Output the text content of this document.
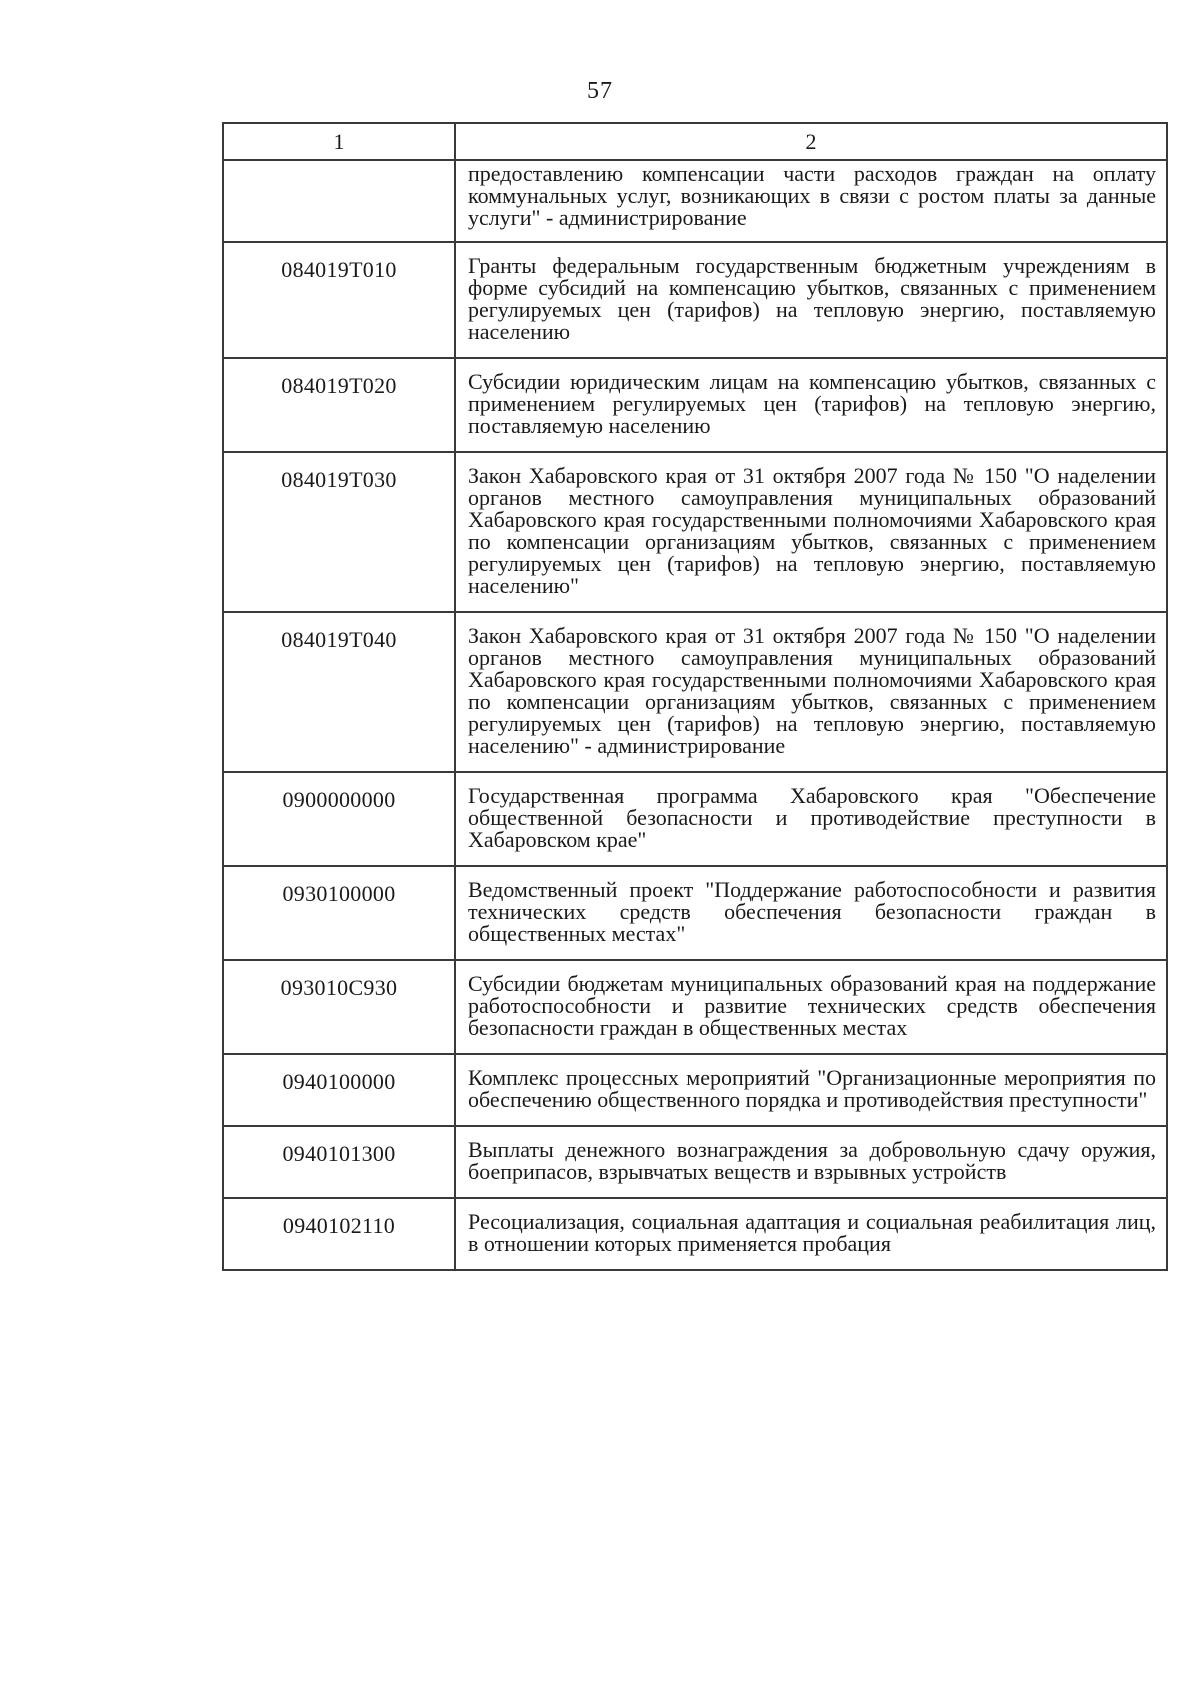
57
1	2
	предоставлению компенсации части расходов граждан на оплату коммунальных услуг, возникающих в связи с ростом платы за данные услуги" - администрирование
084019Т010	Гранты федеральным государственным бюджетным учреждениям в форме субсидий на компенсацию убытков, связанных с применением регулируемых цен (тарифов) на тепловую энергию, поставляемую населению
084019Т020	Субсидии юридическим лицам на компенсацию убытков, связанных с применением регулируемых цен (тарифов) на тепловую энергию, поставляемую населению
084019Т030	Закон Хабаровского края от 31 октября 2007 года № 150 "О наделении органов местного самоуправления муниципальных образований Хабаровского края государственными полномочиями Хабаровского края по компенсации организациям убытков, связанных с применением регулируемых цен (тарифов) на тепловую энергию, поставляемую населению"
084019Т040	Закон Хабаровского края от 31 октября 2007 года № 150 "О наделении органов местного самоуправления муниципальных образований Хабаровского края государственными полномочиями Хабаровского края по компенсации организациям убытков, связанных с применением регулируемых цен (тарифов) на тепловую энергию, поставляемую населению" - администрирование
0900000000	Государственная программа Хабаровского края "Обеспечение общественной безопасности и противодействие преступности в Хабаровском крае"
0930100000	Ведомственный проект "Поддержание работоспособности и развития технических средств обеспечения безопасности граждан в общественных местах"
093010С930	Субсидии бюджетам муниципальных образований края на поддержание работоспособности и развитие технических средств обеспечения безопасности граждан в общественных местах
0940100000	Комплекс процессных мероприятий "Организационные мероприятия по обеспечению общественного порядка и противодействия преступности"
0940101300	Выплаты денежного вознаграждения за добровольную сдачу оружия, боеприпасов, взрывчатых веществ и взрывных устройств
0940102110	Ресоциализация, социальная адаптация и социальная реабилитация лиц, в отношении которых применяется пробация
